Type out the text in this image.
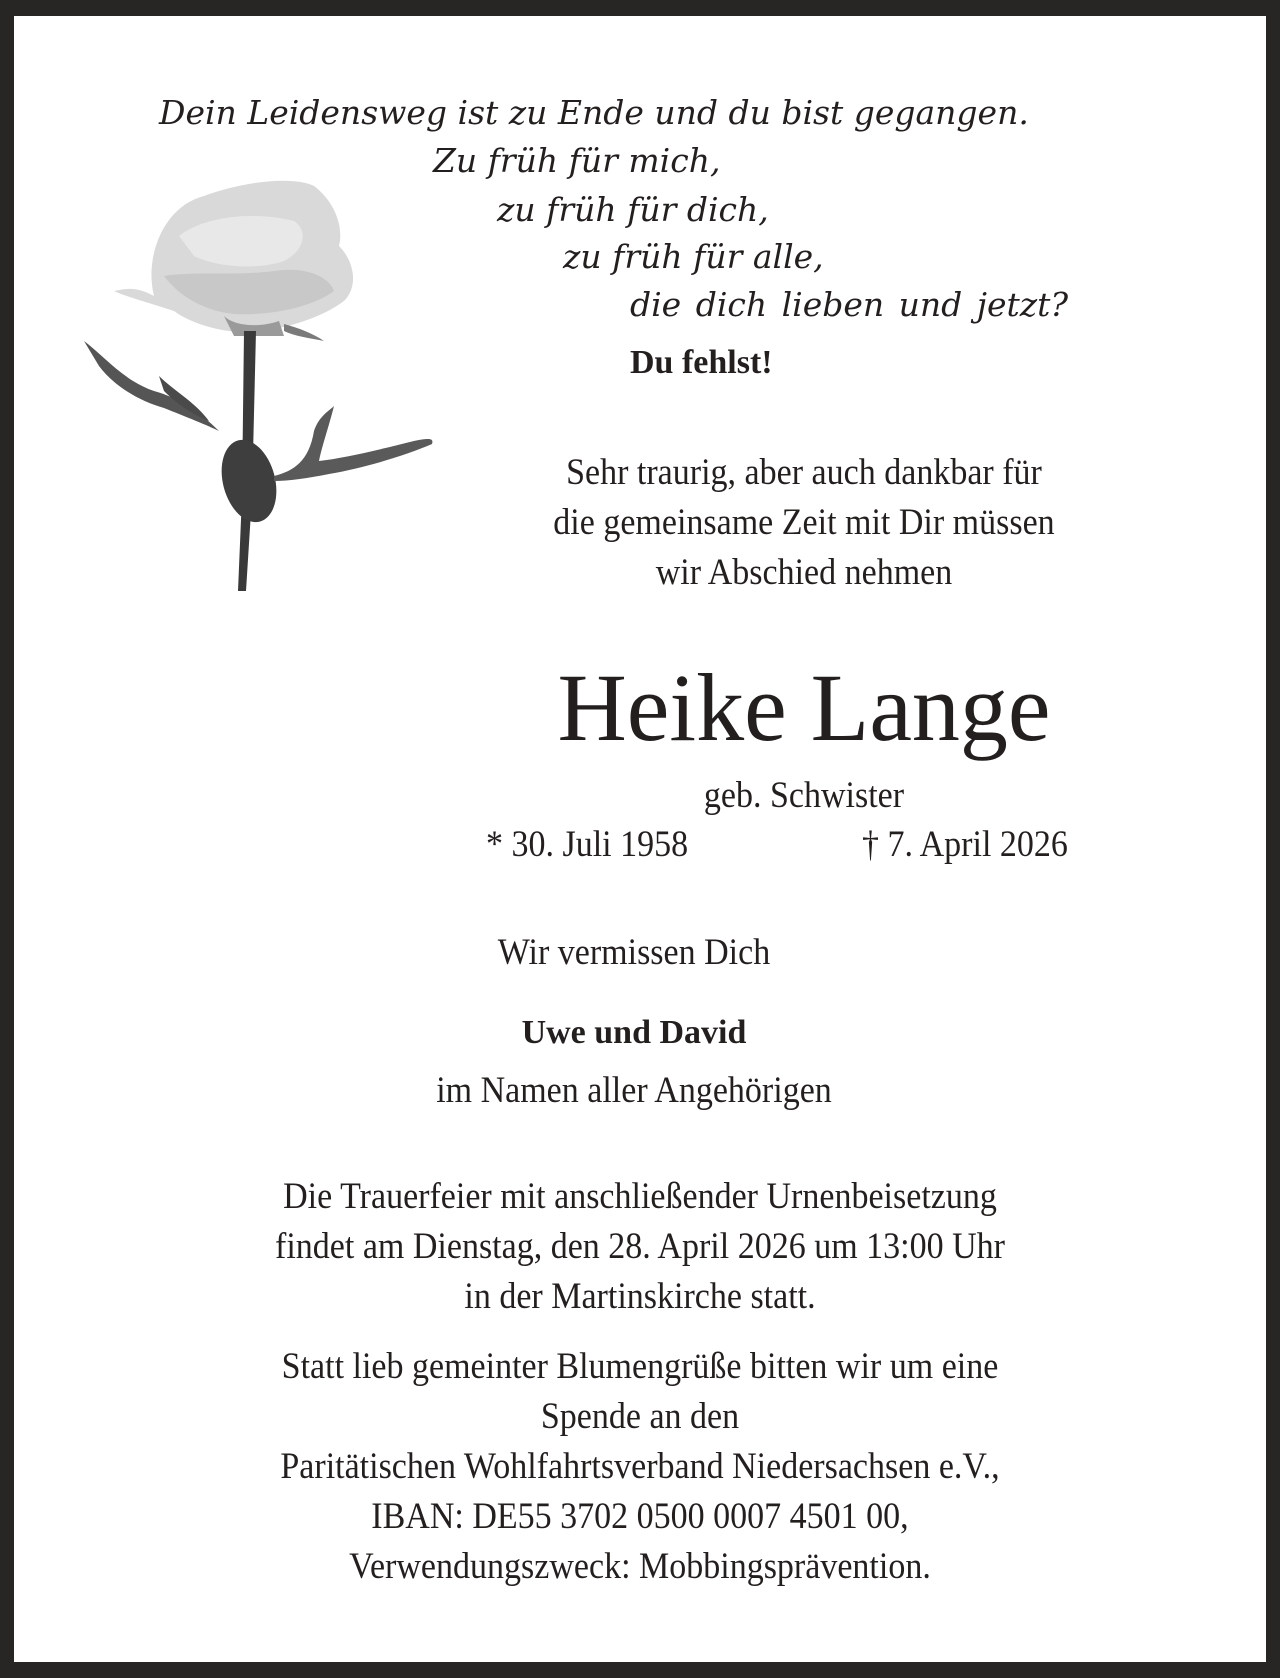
Dein Leidensweg ist zu Ende und du bist gegangen.
Zu früh für mich,
zu früh für dich,
zu früh für alle,
die dich lieben und jetzt?
Du fehlst!
Sehr traurig, aber auch dankbar für
die gemeinsame Zeit mit Dir müssen
wir Abschied nehmen
Heike Lange
geb. Schwister
* 30. Juli 1958	† 7. April 2026
Wir vermissen Dich
Uwe und David
im Namen aller Angehörigen
Die Trauerfeier mit anschließender Urnenbeisetzung
findet am Dienstag, den 28. April 2026 um 13:00 Uhr
in der Martinskirche statt.
Statt lieb gemeinter Blumengrüße bitten wir um eine
Spende an den
Paritätischen Wohlfahrtsverband Niedersachsen e.V.,
IBAN: DE55 3702 0500 0007 4501 00,
Verwendungszweck: Mobbingsprävention.
